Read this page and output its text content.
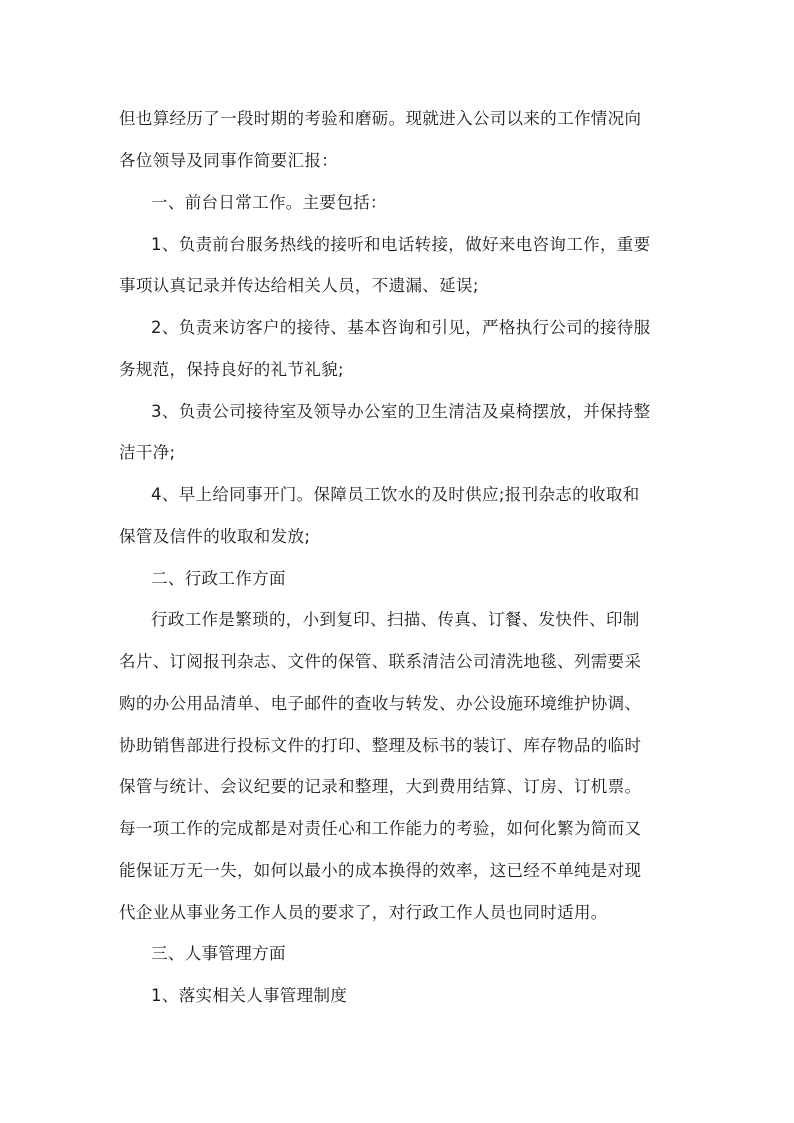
但也算经历了一段时期的考验和磨砺。现就进入公司以来的工作情况向
各位领导及同事作简要汇报：
一、前台日常工作。主要包括：
1、负责前台服务热线的接听和电话转接，做好来电咨询工作，重要
事项认真记录并传达给相关人员，不遗漏、延误;
2、负责来访客户的接待、基本咨询和引见，严格执行公司的接待服
务规范，保持良好的礼节礼貌;
3、负责公司接待室及领导办公室的卫生清洁及桌椅摆放，并保持整
洁干净;
4、早上给同事开门。保障员工饮水的及时供应;报刊杂志的收取和
保管及信件的收取和发放;
二、行政工作方面
行政工作是繁琐的，小到复印、扫描、传真、订餐、发快件、印制
名片、订阅报刊杂志、文件的保管、联系清洁公司清洗地毯、列需要采
购的办公用品清单、电子邮件的查收与转发、办公设施环境维护协调、
协助销售部进行投标文件的打印、整理及标书的装订、库存物品的临时
保管与统计、会议纪要的记录和整理，大到费用结算、订房、订机票。
每一项工作的完成都是对责任心和工作能力的考验，如何化繁为简而又
能保证万无一失，如何以最小的成本换得的效率，这已经不单纯是对现
代企业从事业务工作人员的要求了，对行政工作人员也同时适用。
三、人事管理方面
1、落实相关人事管理制度
